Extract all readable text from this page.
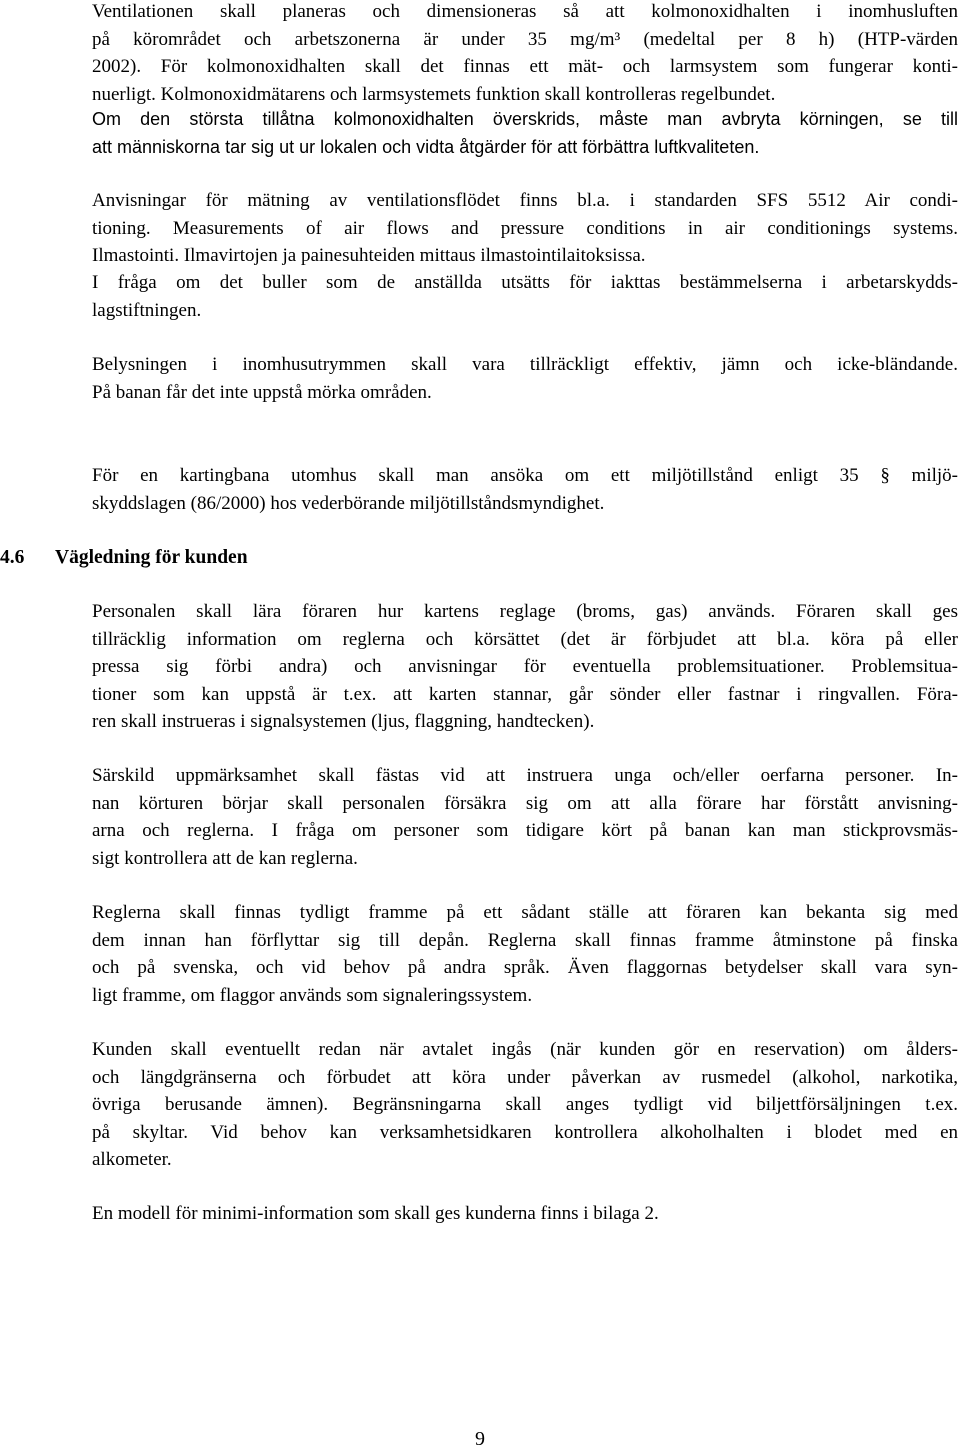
Ventilationen skall planeras och dimensioneras så att kolmonoxidhalten i inomhusluften
på körområdet och arbetszonerna är under 35 mg/m³ (medeltal per 8 h) (HTP-värden
2002). För kolmonoxidhalten skall det finnas ett mät- och larmsystem som fungerar konti-
nuerligt. Kolmonoxidmätarens och larmsystemets funktion skall kontrolleras regelbundet.
Om den största tillåtna kolmonoxidhalten överskrids, måste man avbryta körningen, se till
att människorna tar sig ut ur lokalen och vidta åtgärder för att förbättra luftkvaliteten.
Anvisningar för mätning av ventilationsflödet finns bl.a. i standarden SFS 5512 Air condi-
tioning. Measurements of air flows and pressure conditions in air conditionings systems.
Ilmastointi. Ilmavirtojen ja painesuhteiden mittaus ilmastointilaitoksissa.
I fråga om det buller som de anställda utsätts för iakttas bestämmelserna i arbetarskydds-
lagstiftningen.
Belysningen i inomhusutrymmen skall vara tillräckligt effektiv, jämn och icke-bländande.
På banan får det inte uppstå mörka områden.
För en kartingbana utomhus skall man ansöka om ett miljötillstånd enligt 35 § miljö-
skyddslagen (86/2000) hos vederbörande miljötillståndsmyndighet.
4.6 Vägledning för kunden
Personalen skall lära föraren hur kartens reglage (broms, gas) används. Föraren skall ges
tillräcklig information om reglerna och körsättet (det är förbjudet att bl.a. köra på eller
pressa sig förbi andra) och anvisningar för eventuella problemsituationer. Problemsitua-
tioner som kan uppstå är t.ex. att karten stannar, går sönder eller fastnar i ringvallen. Föra-
ren skall instrueras i signalsystemen (ljus, flaggning, handtecken).
Särskild uppmärksamhet skall fästas vid att instruera unga och/eller oerfarna personer. In-
nan körturen börjar skall personalen försäkra sig om att alla förare har förstått anvisning-
arna och reglerna. I fråga om personer som tidigare kört på banan kan man stickprovsmäs-
sigt kontrollera att de kan reglerna.
Reglerna skall finnas tydligt framme på ett sådant ställe att föraren kan bekanta sig med
dem innan han förflyttar sig till depån. Reglerna skall finnas framme åtminstone på finska
och på svenska, och vid behov på andra språk. Även flaggornas betydelser skall vara syn-
ligt framme, om flaggor används som signaleringssystem.
Kunden skall eventuellt redan när avtalet ingås (när kunden gör en reservation) om ålders-
och längdgränserna och förbudet att köra under påverkan av rusmedel (alkohol, narkotika,
övriga berusande ämnen). Begränsningarna skall anges tydligt vid biljettförsäljningen t.ex.
på skyltar. Vid behov kan verksamhetsidkaren kontrollera alkoholhalten i blodet med en
alkometer.
En modell för minimi-information som skall ges kunderna finns i bilaga 2.

9
